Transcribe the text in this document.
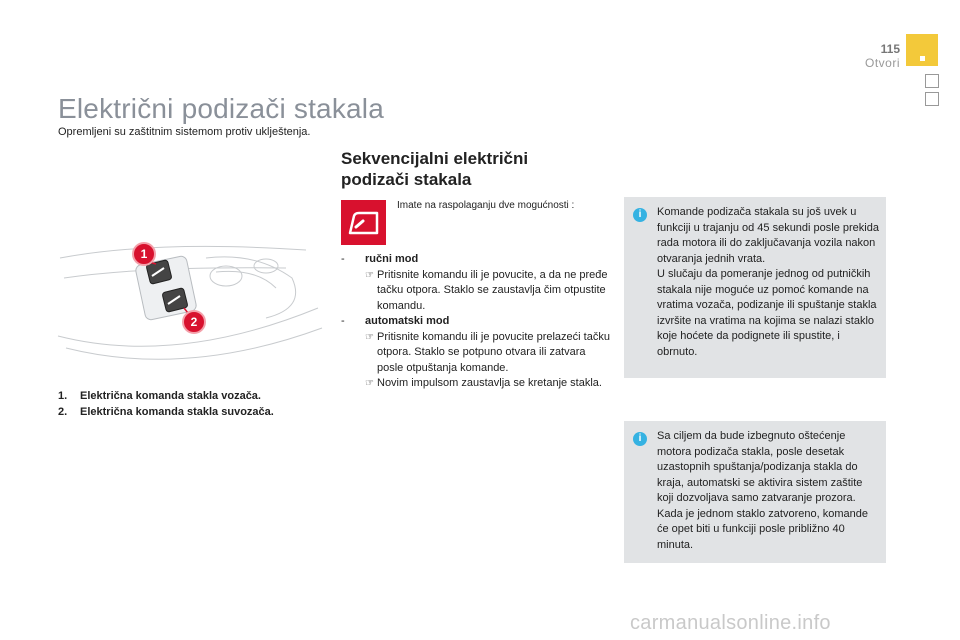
115
Otvori
Električni podizači stakala
Opremljeni su zaštitnim sistemom protiv uklještenja.
1
2
1.	Električna komanda stakla vozača.
2.	Električna komanda stakla suvozača.
Sekvencijalni električni
podizači stakala
Imate na raspolaganju dve mogućnosti :
-	ručni mod
☞ Pritisnite komandu ili je povucite, a da ne pređe tačku otpora. Staklo se zaustavlja čim otpustite komandu.
-	automatski mod
☞ Pritisnite komandu ili je povucite prelazeći tačku otpora. Staklo se potpuno otvara ili zatvara posle otpuštanja komande.
☞ Novim impulsom zaustavlja se kretanje stakla.
i	Komande podizača stakala su još uvek u funkciji u trajanju od 45 sekundi posle prekida rada motora ili do zaključavanja vozila nakon otvaranja jednih vrata.
U slučaju da pomeranje jednog od putničkih stakala nije moguće uz pomoć komande na vratima vozača, podizanje ili spuštanje stakla izvršite na vratima na kojima se nalazi staklo koje hoćete da podignete ili spustite, i obrnuto.
i	Sa ciljem da bude izbegnuto oštećenje motora podizača stakla, posle desetak uzastopnih spuštanja/podizanja stakla do kraja, automatski se aktivira sistem zaštite koji dozvoljava samo zatvaranje prozora.
Kada je jednom staklo zatvoreno, komande će opet biti u funkciji posle približno 40 minuta.
carmanualsonline.info
